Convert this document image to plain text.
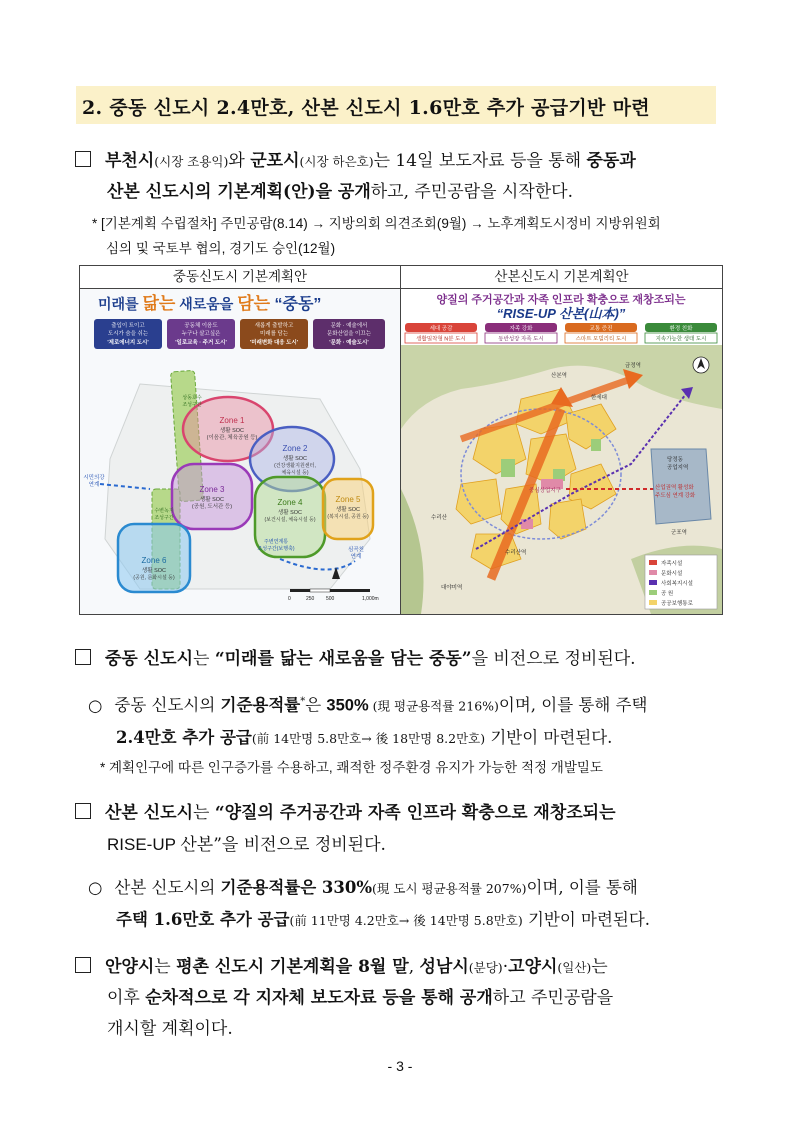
2. 중동 신도시 2.4만호, 산본 신도시 1.6만호 추가 공급기반 마련
부천시(시장 조용익)와 군포시(시장 하은호)는 14일 보도자료 등을 통해 중동과
산본 신도시의 기본계획(안)을 공개하고, 주민공람을 시작한다.
* [기본계획 수립절차] 주민공람(8.14) → 지방의회 의견조회(9월) → 노후계획도시정비 지방위원회
심의 및 국토부 협의, 경기도 승인(12월)
중동신도시 기본계획안
미래를 닮는 새로움을 담는 “중동”
출입이 트이고
도시가 숨을 쉬는
'제로에너지 도시'
공동체 이음도
누구나 살고싶은
'일로교육 · 주거 도시'
새롭게 출발하고
미래를 담는
'미래변화 대응 도시'
문화 · 예술에서
문화산업을 이끄는
'문화 · 예술도시'
Zone 1
생활 SOC
(이음관, 체육공원 등)
Zone 2
생활 SOC
(건강생활지원센터,
체육시설 등)
Zone 3
생활 SOC
(공원, 도서관 등)	Zone 4
생활 SOC
(보건시설, 체육시설 등)
Zone 5
생활 SOC
(복지시설, 공원 등)
Zone 6
생활 SOC
(공원, 문화시설 등)
시민의강
연계
상동호수
조성구간
수변녹지
조성구간
주변연계통
조성구간(보행축)	심곡천
연계
0	250 500	1,000m
산본신도시 기본계획안
양질의 주거공간과 자족 인프라 확충으로 재창조되는
“RISE-UP 산본(山本)”
세대 공감	자족 강화	교통 증진	환경 친화
생활밀착형 N분 도시	동반성장 자족 도시	스마트 모빌리티 도시	지속가능한 생태 도시
금정역
산본역
수리산역
대야미역
당정동
공업지역
산업권역 활성화
주도심 연계 강화
군포역
중심상업지구
한세대
수리산
자족시설
문화시설
사회복지시설
공 원
공공보행통로
중동 신도시는 “미래를 닮는 새로움을 담는 중동”을 비전으로 정비된다.
○ 중동 신도시의 기준용적률*은 350% (現 평균용적률 216%)이며, 이를 통해 주택
2.4만호 추가 공급(前 14만명 5.8만호→ 後 18만명 8.2만호) 기반이 마련된다.
* 계획인구에 따른 인구증가를 수용하고, 쾌적한 정주환경 유지가 가능한 적정 개발밀도
산본 신도시는 “양질의 주거공간과 자족 인프라 확충으로 재창조되는
RISE-UP 산본”을 비전으로 정비된다.
○ 산본 신도시의 기준용적률은 330%(現 도시 평균용적률 207%)이며, 이를 통해
주택 1.6만호 추가 공급(前 11만명 4.2만호→ 後 14만명 5.8만호) 기반이 마련된다.
안양시는 평촌 신도시 기본계획을 8월 말, 성남시(분당)·고양시(일산)는
이후 순차적으로 각 지자체 보도자료 등을 통해 공개하고 주민공람을
개시할 계획이다.
- 3 -
